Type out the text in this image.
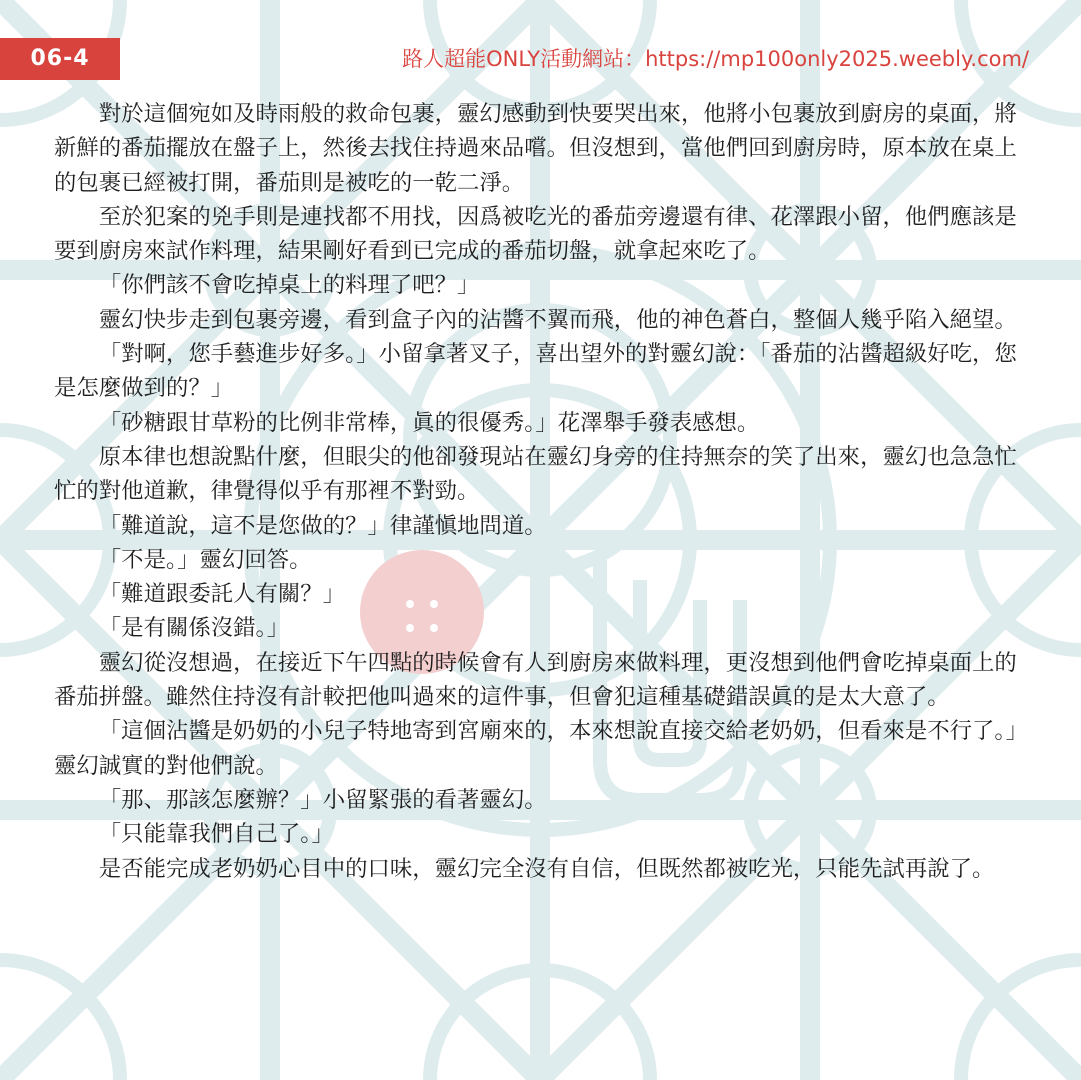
06-4	路人超能ONLY活動網站：https://mp100only2025.weebly.com/

對於這個宛如及時雨般的救命包裹，靈幻感動到快要哭出來，他將小包裹放到廚房的桌面，將新鮮的番茄擺放在盤子上，然後去找住持過來品嚐。但沒想到，當他們回到廚房時，原本放在桌上的包裹已經被打開，番茄則是被吃的一乾二淨。

至於犯案的兇手則是連找都不用找，因爲被吃光的番茄旁邊還有律、花澤跟小留，他們應該是要到廚房來試作料理，結果剛好看到已完成的番茄切盤，就拿起來吃了。

「你們該不會吃掉桌上的料理了吧？」

靈幻快步走到包裹旁邊，看到盒子內的沾醬不翼而飛，他的神色蒼白，整個人幾乎陷入絕望。

「對啊，您手藝進步好多。」小留拿著叉子，喜出望外的對靈幻說：「番茄的沾醬超級好吃，您是怎麼做到的？」

「砂糖跟甘草粉的比例非常棒，眞的很優秀。」花澤舉手發表感想。

原本律也想說點什麼，但眼尖的他卻發現站在靈幻身旁的住持無奈的笑了出來，靈幻也急急忙忙的對他道歉，律覺得似乎有那裡不對勁。

「難道說，這不是您做的？」律謹愼地問道。

「不是。」靈幻回答。

「難道跟委託人有關？」

「是有關係沒錯。」

靈幻從沒想過，在接近下午四點的時候會有人到廚房來做料理，更沒想到他們會吃掉桌面上的番茄拼盤。雖然住持沒有計較把他叫過來的這件事，但會犯這種基礎錯誤眞的是太大意了。

「這個沾醬是奶奶的小兒子特地寄到宮廟來的，本來想說直接交給老奶奶，但看來是不行了。」靈幻誠實的對他們說。

「那、那該怎麼辦？」小留緊張的看著靈幻。

「只能靠我們自己了。」

是否能完成老奶奶心目中的口味，靈幻完全沒有自信，但既然都被吃光，只能先試再說了。
